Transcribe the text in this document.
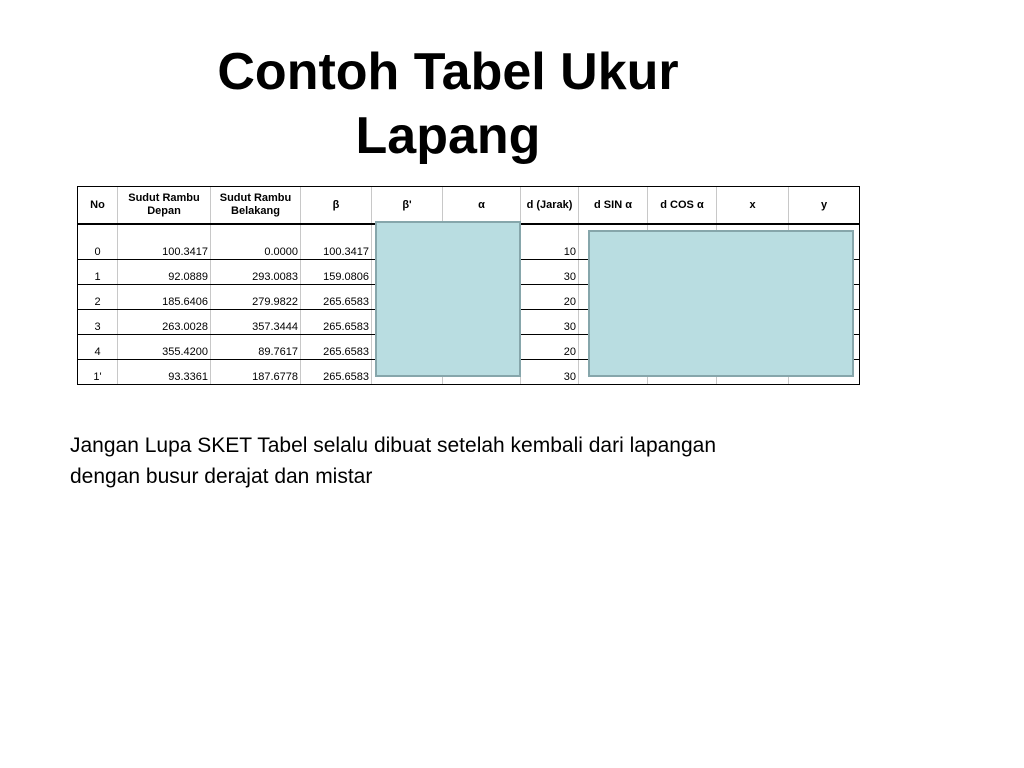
Contoh Tabel Ukur
Lapang
No	Sudut Rambu Depan	Sudut Rambu Belakang	β	β'	α	d (Jarak)	d SIN α	d COS α	x	y

0	100.3417	0.0000	100.3417			10				
1	92.0889	293.0083	159.0806			30				
2	185.6406	279.9822	265.6583			20				
3	263.0028	357.3444	265.6583			30				
4	355.4200	89.7617	265.6583			20				
1'	93.3361	187.6778	265.6583			30				
Jangan Lupa SKET Tabel selalu dibuat setelah kembali dari lapangan
dengan busur derajat dan mistar
